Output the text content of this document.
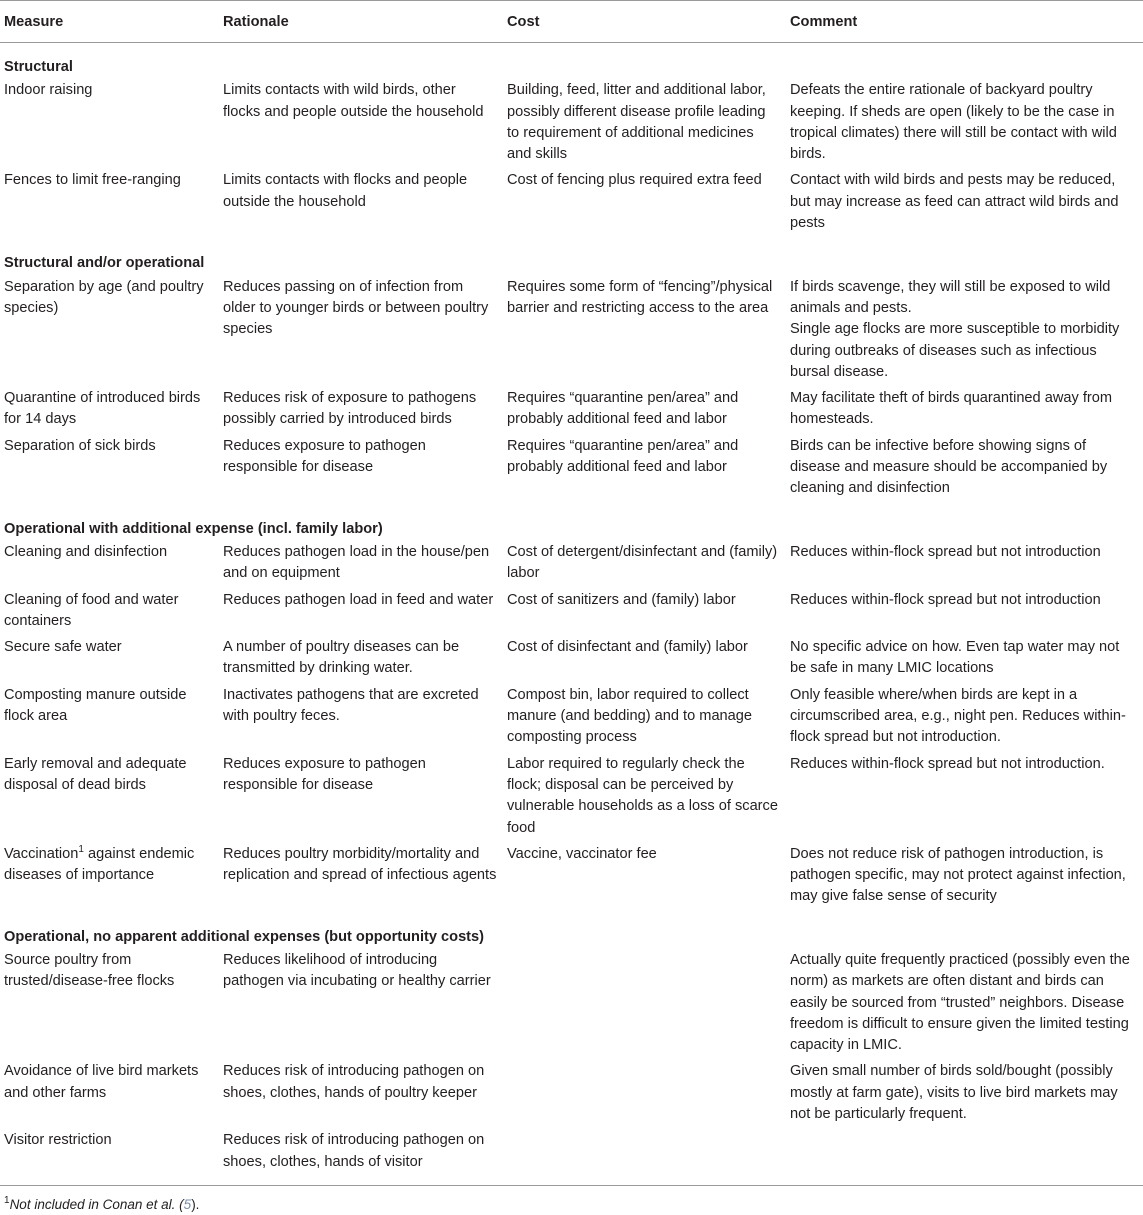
Measure	Rationale	Cost	Comment
Structural			
Indoor raising	Limits contacts with wild birds, other flocks and people outside the household	Building, feed, litter and additional labor, possibly different disease profile leading to requirement of additional medicines and skills	Defeats the entire rationale of backyard poultry keeping. If sheds are open (likely to be the case in tropical climates) there will still be contact with wild birds.
Fences to limit free-ranging	Limits contacts with flocks and people outside the household	Cost of fencing plus required extra feed	Contact with wild birds and pests may be reduced, but may increase as feed can attract wild birds and pests
Structural and/or operational			
Separation by age (and poultry species)	Reduces passing on of infection from older to younger birds or between poultry species	Requires some form of “fencing”/physical barrier and restricting access to the area	If birds scavenge, they will still be exposed to wild animals and pests.
Single age flocks are more susceptible to morbidity during outbreaks of diseases such as infectious bursal disease.

Quarantine of introduced birds for 14 days	Reduces risk of exposure to pathogens possibly carried by introduced birds	Requires “quarantine pen/area” and probably additional feed and labor	May facilitate theft of birds quarantined away from homesteads.
Separation of sick birds	Reduces exposure to pathogen responsible for disease	Requires “quarantine pen/area” and probably additional feed and labor	Birds can be infective before showing signs of disease and measure should be accompanied by cleaning and disinfection
Operational with additional expense (incl. family labor)			
Cleaning and disinfection	Reduces pathogen load in the house/pen and on equipment	Cost of detergent/disinfectant and (family) labor	Reduces within-flock spread but not introduction
Cleaning of food and water containers	Reduces pathogen load in feed and water	Cost of sanitizers and (family) labor	Reduces within-flock spread but not introduction
Secure safe water	A number of poultry diseases can be transmitted by drinking water.	Cost of disinfectant and (family) labor	No specific advice on how. Even tap water may not be safe in many LMIC locations
Composting manure outside flock area	Inactivates pathogens that are excreted with poultry feces.	Compost bin, labor required to collect manure (and bedding) and to manage composting process	Only feasible where/when birds are kept in a circumscribed area, e.g., night pen. Reduces within-flock spread but not introduction.
Early removal and adequate disposal of dead birds	Reduces exposure to pathogen responsible for disease	Labor required to regularly check the flock; disposal can be perceived by vulnerable households as a loss of scarce food	Reduces within-flock spread but not introduction.
Vaccination$^1$ against endemic diseases of importance	Reduces poultry morbidity/mortality and replication and spread of infectious agents	Vaccine, vaccinator fee	Does not reduce risk of pathogen introduction, is pathogen specific, may not protect against infection, may give false sense of security
Operational, no apparent additional expenses (but opportunity costs)			
Source poultry from trusted/disease-free flocks	Reduces likelihood of introducing pathogen via incubating or healthy carrier		Actually quite frequently practiced (possibly even the norm) as markets are often distant and birds can easily be sourced from “trusted” neighbors. Disease freedom is difficult to ensure given the limited testing capacity in LMIC.
Avoidance of live bird markets and other farms	Reduces risk of introducing pathogen on shoes, clothes, hands of poultry keeper		Given small number of birds sold/bought (possibly mostly at farm gate), visits to live bird markets may not be particularly frequent.
Visitor restriction	Reduces risk of introducing pathogen on shoes, clothes, hands of visitor		
$^1$Not included in Conan et al. (5).
